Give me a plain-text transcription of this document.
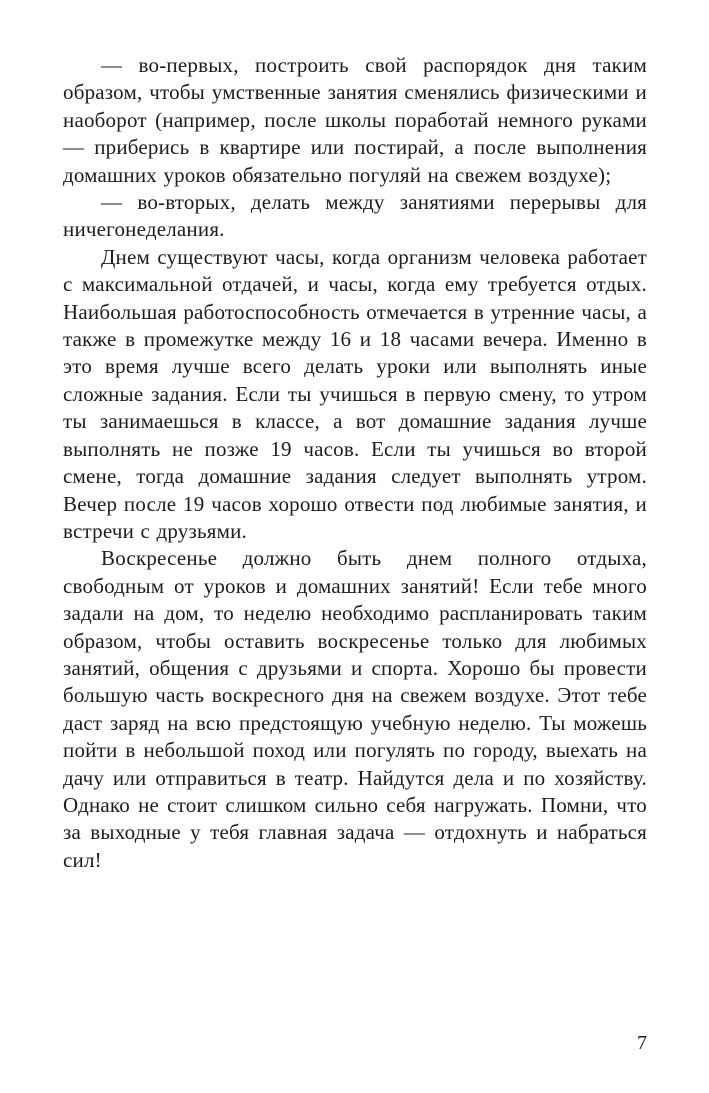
— во-первых, построить свой распорядок дня таким образом, чтобы умственные занятия сменялись физическими и наоборот (например, после школы поработай немного руками — приберись в квартире или постирай, а после выполнения домашних уроков обязательно погуляй на свежем воздухе);

— во-вторых, делать между занятиями перерывы для ничегонеделания.

Днем существуют часы, когда организм человека работает с максимальной отдачей, и часы, когда ему требуется отдых. Наибольшая работоспособность отмечается в утренние часы, а также в промежутке между 16 и 18 часами вечера. Именно в это время лучше всего делать уроки или выполнять иные сложные задания. Если ты учишься в первую смену, то утром ты занимаешься в классе, а вот домашние задания лучше выполнять не позже 19 часов. Если ты учишься во второй смене, тогда домашние задания следует выполнять утром. Вечер после 19 часов хорошо отвести под любимые занятия, и встречи с друзьями.

Воскресенье должно быть днем полного отдыха, свободным от уроков и домашних занятий! Если тебе много задали на дом, то неделю необходимо распланировать таким образом, чтобы оставить воскресенье только для любимых занятий, общения с друзьями и спорта. Хорошо бы провести большую часть воскресного дня на свежем воздухе. Этот тебе даст заряд на всю предстоящую учебную неделю. Ты можешь пойти в небольшой поход или погулять по городу, выехать на дачу или отправиться в театр. Найдутся дела и по хозяйству. Однако не стоит слишком сильно себя нагружать. Помни, что за выходные у тебя главная задача — отдохнуть и набраться сил!

7
